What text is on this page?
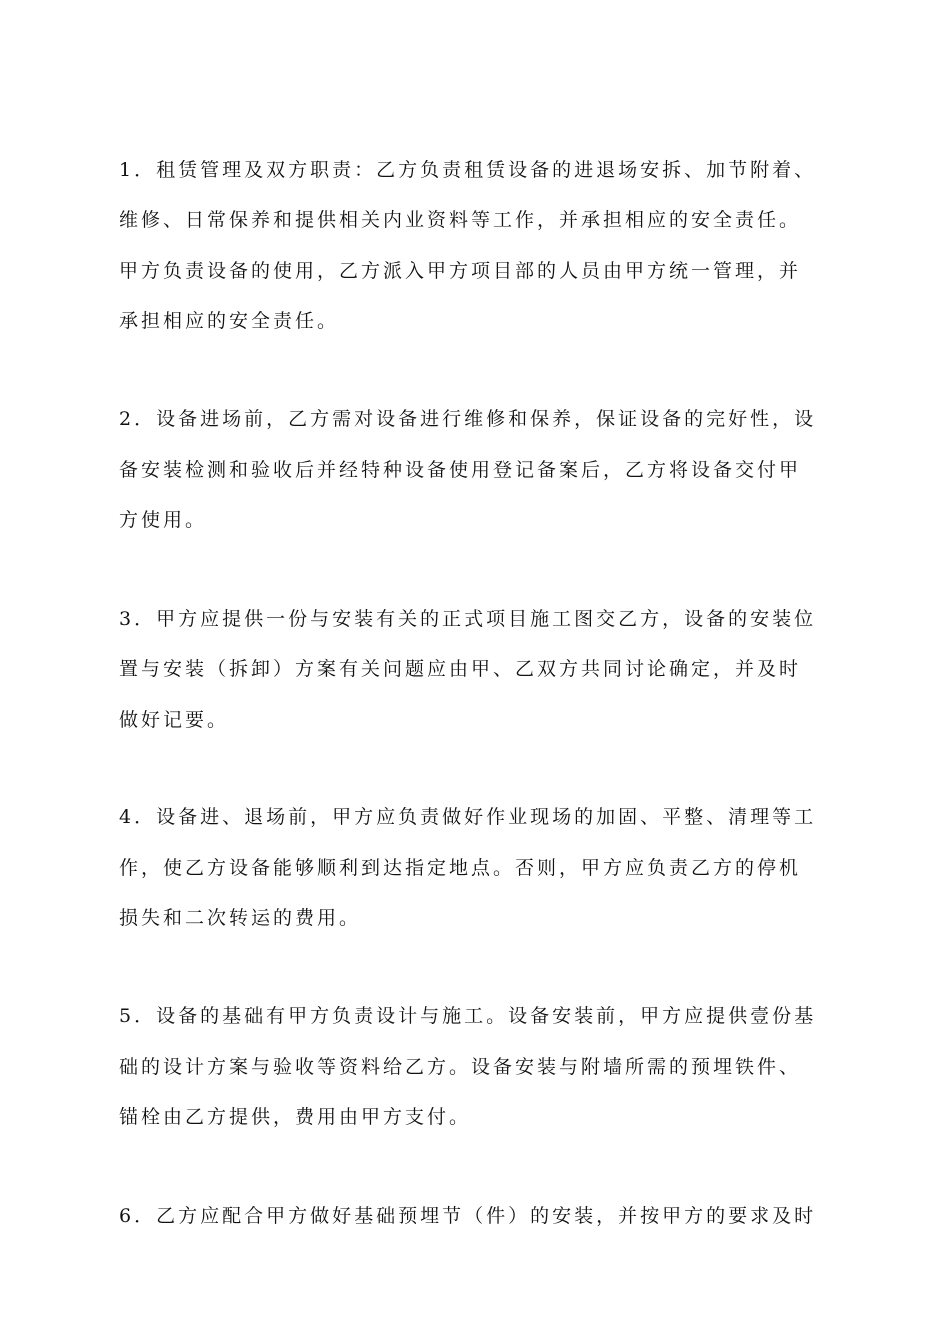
1．租赁管理及双方职责：乙方负责租赁设备的进退场安拆、加节附着、
维修、日常保养和提供相关内业资料等工作，并承担相应的安全责任。
甲方负责设备的使用，乙方派入甲方项目部的人员由甲方统一管理，并
承担相应的安全责任。
2．设备进场前，乙方需对设备进行维修和保养，保证设备的完好性，设
备安装检测和验收后并经特种设备使用登记备案后，乙方将设备交付甲
方使用。
3．甲方应提供一份与安装有关的正式项目施工图交乙方，设备的安装位
置与安装（拆卸）方案有关问题应由甲、乙双方共同讨论确定，并及时
做好记要。
4．设备进、退场前，甲方应负责做好作业现场的加固、平整、清理等工
作，使乙方设备能够顺利到达指定地点。否则，甲方应负责乙方的停机
损失和二次转运的费用。
5．设备的基础有甲方负责设计与施工。设备安装前，甲方应提供壹份基
础的设计方案与验收等资料给乙方。设备安装与附墙所需的预埋铁件、
锚栓由乙方提供，费用由甲方支付。
6．乙方应配合甲方做好基础预埋节（件）的安装，并按甲方的要求及时
